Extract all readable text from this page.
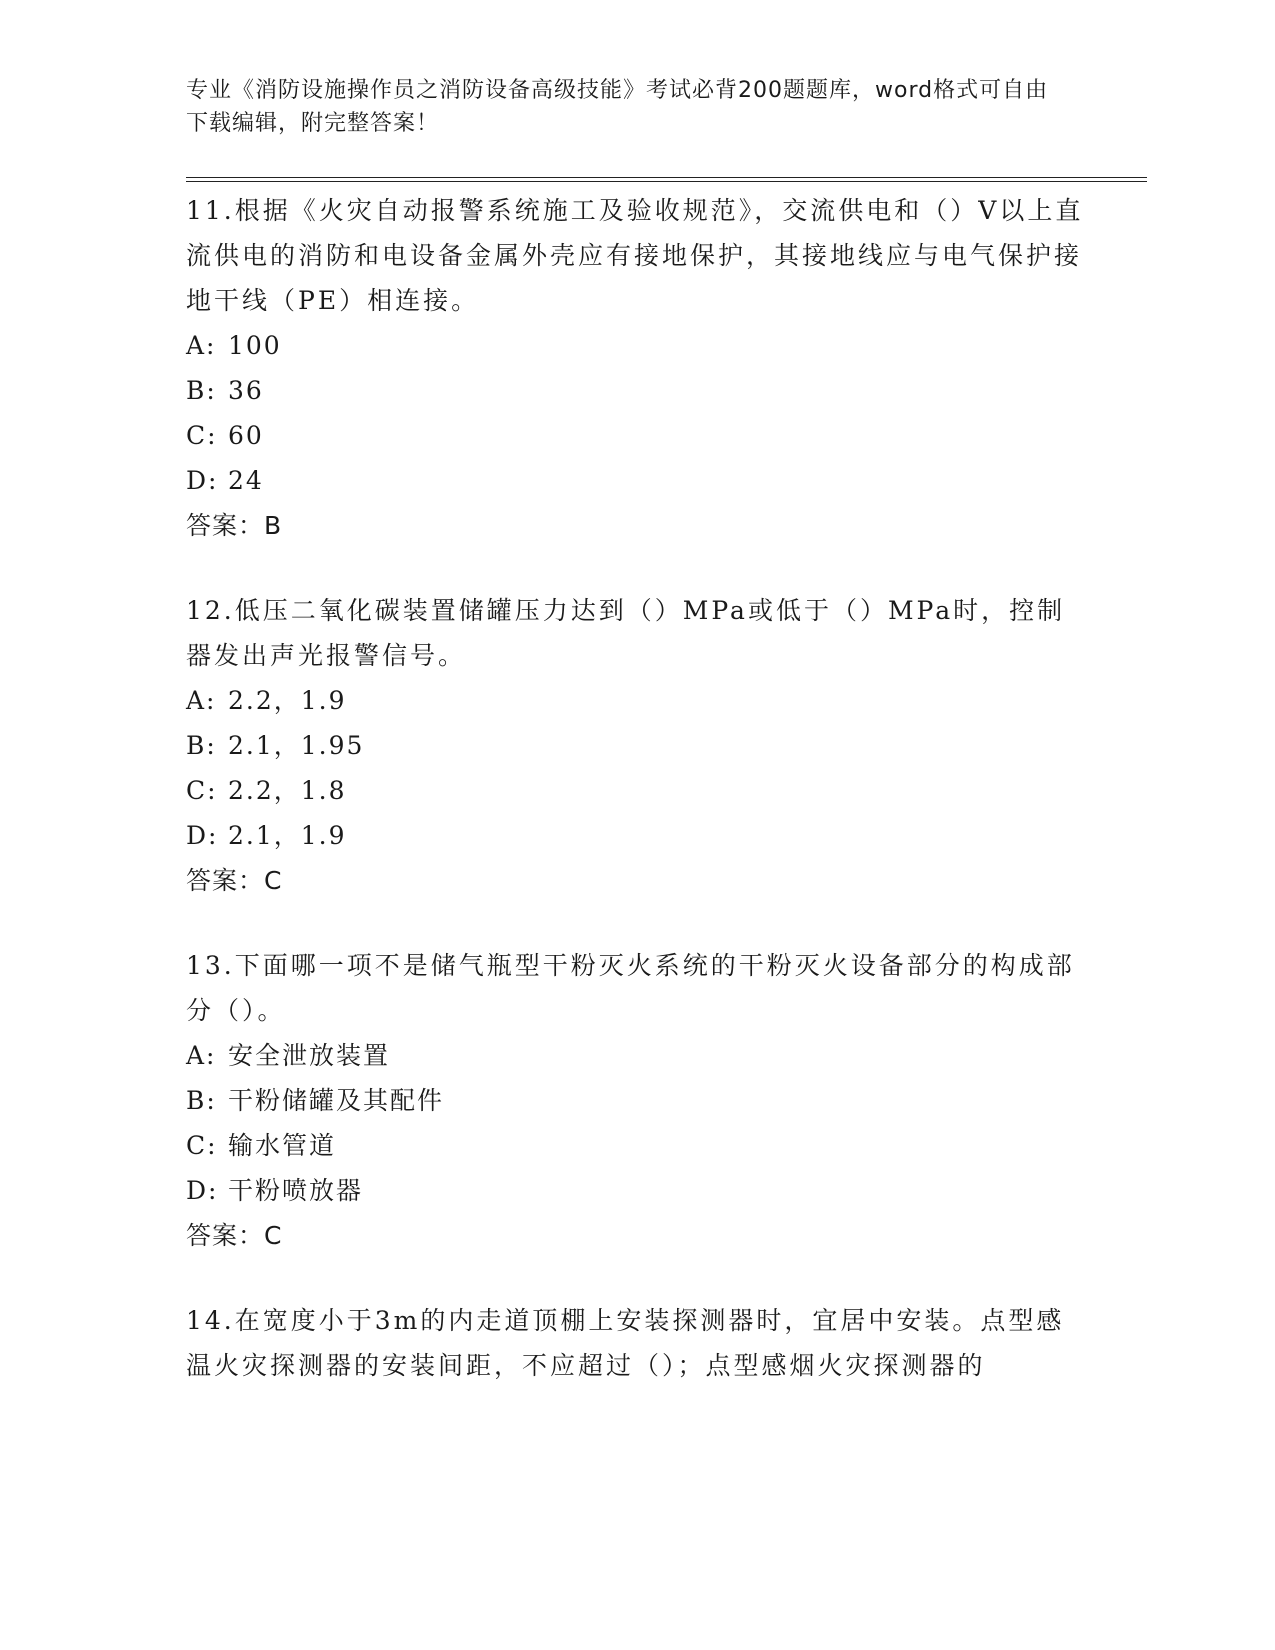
专业《消防设施操作员之消防设备高级技能》考试必背200题题库，word格式可自由下载编辑，附完整答案！
11.根据《火灾自动报警系统施工及验收规范》，交流供电和（）V以上直流供电的消防和电设备金属外壳应有接地保护，其接地线应与电气保护接地干线（PE）相连接。
A: 100
B: 36
C: 60
D: 24
答案：B
12.低压二氧化碳装置储罐压力达到（）MPa或低于（）MPa时，控制器发出声光报警信号。
A: 2.2，1.9
B: 2.1，1.95
C: 2.2，1.8
D: 2.1，1.9
答案：C
13.下面哪一项不是储气瓶型干粉灭火系统的干粉灭火设备部分的构成部分（）。
A: 安全泄放装置
B: 干粉储罐及其配件
C: 输水管道
D: 干粉喷放器
答案：C
14.在宽度小于3m的内走道顶棚上安装探测器时，宜居中安装。点型感温火灾探测器的安装间距，不应超过（）；点型感烟火灾探测器的
